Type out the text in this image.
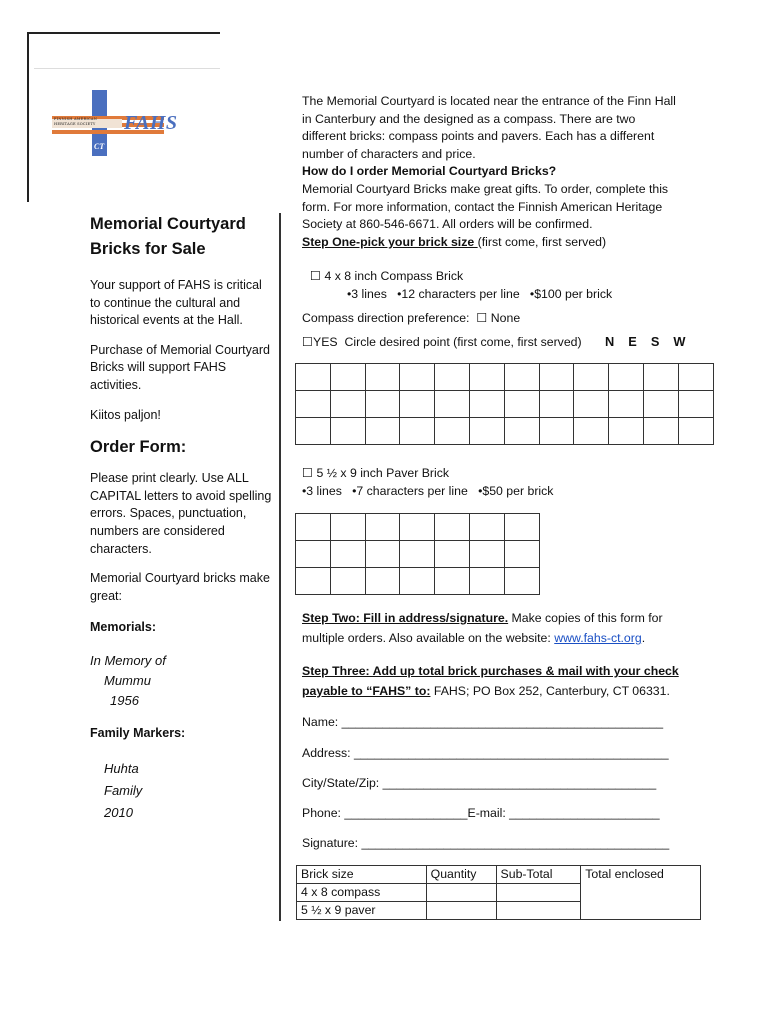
FINNISH AMERICAN
HERITAGE SOCIETY FAHS
CT
Memorial Courtyard
Bricks for Sale

Your support of FAHS is critical to continue the cultural and historical events at the Hall.

Purchase of Memorial Courtyard Bricks will support FAHS activities.

Kiitos paljon!

Order Form:

Please print clearly. Use ALL CAPITAL letters to avoid spelling errors. Spaces, punctuation, numbers are considered characters.

Memorial Courtyard bricks make great:

Memorials:

In Memory of
Mummu
1956

Family Markers:

Huhta
Family
2010
The Memorial Courtyard is located near the entrance of the Finn Hall in Canterbury and the designed as a compass. There are two different bricks: compass points and pavers. Each has a different number of characters and price.
How do I order Memorial Courtyard Bricks?
Memorial Courtyard Bricks make great gifts. To order, complete this form. For more information, contact the Finnish American Heritage Society at 860-546-6671. All orders will be confirmed.
Step One-pick your brick size (first come, first served)
☐ 4 x 8 inch Compass Brick
•3 lines   •12 characters per line   •$100 per brick
Compass direction preference: ☐ None
☐YES Circle desired point (first come, first served) N E S W

☐ 5 ½ x 9 inch Paver Brick
•3 lines   •7 characters per line   •$50 per brick

Step Two: Fill in address/signature. Make copies of this form for multiple orders. Also available on the website: www.fahs-ct.org.
Step Three: Add up total brick purchases & mail with your check payable to “FAHS” to: FAHS; PO Box 252, Canterbury, CT 06331.
Name: _______________________________________________
Address: ______________________________________________
City/State/Zip: ________________________________________
Phone: __________________E-mail: ______________________
Signature: _____________________________________________
Brick size	Quantity	Sub-Total	Total enclosed
4 x 8 compass			
5 ½ x 9 paver			
